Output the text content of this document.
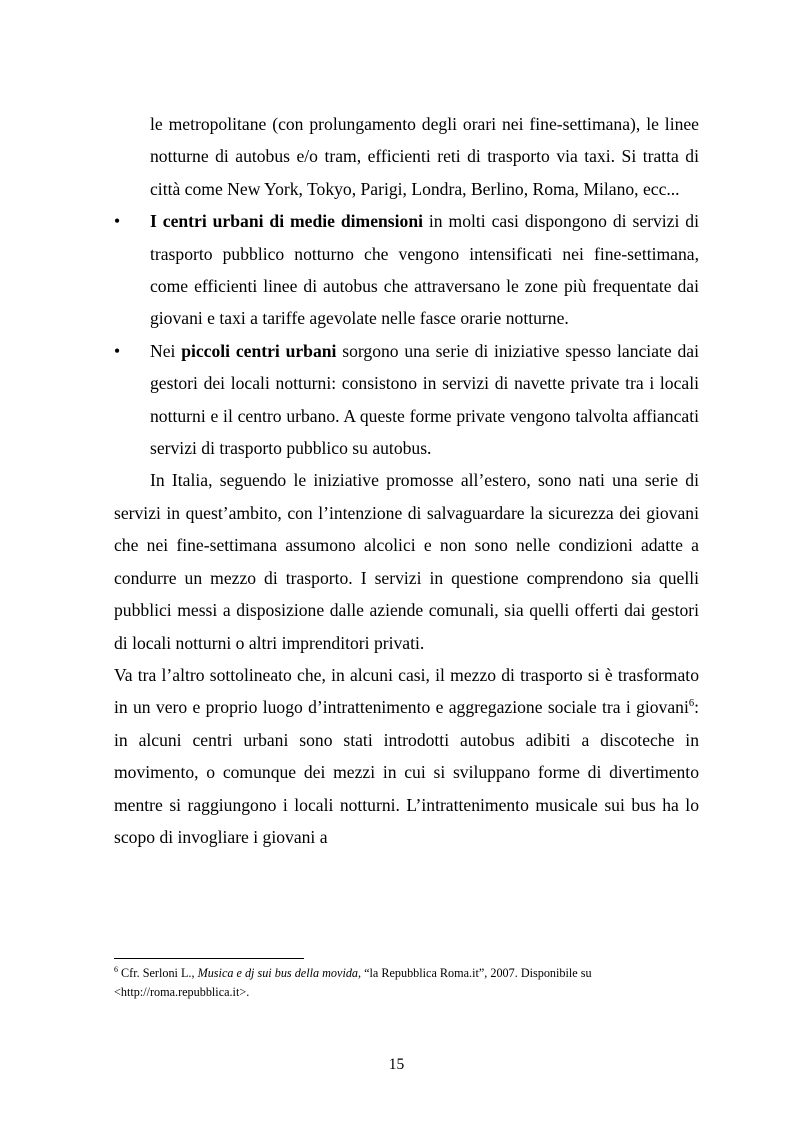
le metropolitane (con prolungamento degli orari nei fine-settimana), le linee notturne di autobus e/o tram, efficienti reti di trasporto via taxi. Si tratta di città come New York, Tokyo, Parigi, Londra, Berlino, Roma, Milano, ecc...

•	I centri urbani di medie dimensioni in molti casi dispongono di servizi di trasporto pubblico notturno che vengono intensificati nei fine-settimana, come efficienti linee di autobus che attraversano le zone più frequentate dai giovani e taxi a tariffe agevolate nelle fasce orarie notturne.

•	Nei piccoli centri urbani sorgono una serie di iniziative spesso lanciate dai gestori dei locali notturni: consistono in servizi di navette private tra i locali notturni e il centro urbano. A queste forme private vengono talvolta affiancati servizi di trasporto pubblico su autobus.

In Italia, seguendo le iniziative promosse all’estero, sono nati una serie di servizi in quest’ambito, con l’intenzione di salvaguardare la sicurezza dei giovani che nei fine-settimana assumono alcolici e non sono nelle condizioni adatte a condurre un mezzo di trasporto. I servizi in questione comprendono sia quelli pubblici messi a disposizione dalle aziende comunali, sia quelli offerti dai gestori di locali notturni o altri imprenditori privati.

Va tra l’altro sottolineato che, in alcuni casi, il mezzo di trasporto si è trasformato in un vero e proprio luogo d’intrattenimento e aggregazione sociale tra i giovani$^6$: in alcuni centri urbani sono stati introdotti autobus adibiti a discoteche in movimento, o comunque dei mezzi in cui si sviluppano forme di divertimento mentre si raggiungono i locali notturni. L’intrattenimento musicale sui bus ha lo scopo di invogliare i giovani a

$^6$ Cfr. Serloni L., Musica e dj sui bus della movida, “la Repubblica Roma.it”, 2007. Disponibile su <http://roma.repubblica.it>.
15
